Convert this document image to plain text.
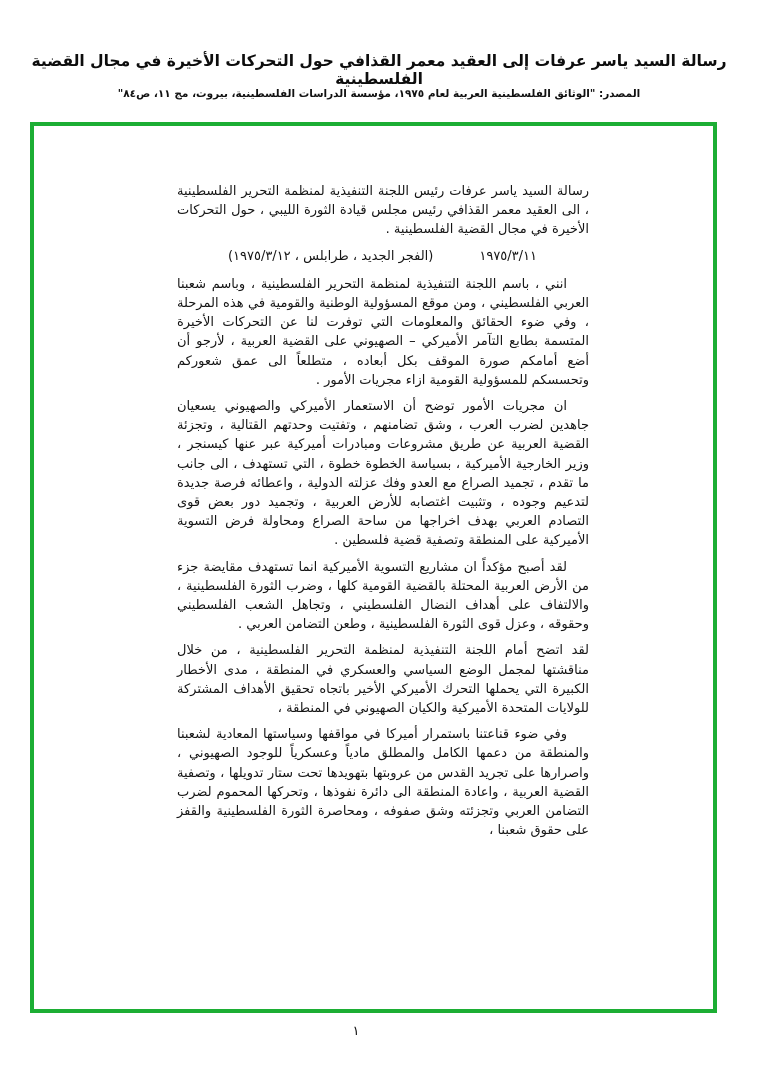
رسالة السيد ياسر عرفات إلى العقيد معمر القذافي حول التحركات الأخيرة في مجال القضية الفلسطينية
المصدر: "الوثائق الفلسطينية العربية لعام ١٩٧٥، مؤسسة الدراسات الفلسطينية، بيروت، مج ١١، ص٨٤"

رسالة السيد ياسر عرفات رئيس اللجنة التنفيذية لمنظمة التحرير الفلسطينية ، الى العقيد معمر القذافي رئيس مجلس قيادة الثورة الليبي ، حول التحركات الأخيرة في مجال القضية الفلسطينية .

١٩٧٥/٣/١١
(الفجر الجديد ، طرابلس ، ١٩٧٥/٣/١٢)

انني ، باسم اللجنة التنفيذية لمنظمة التحرير الفلسطينية ، وباسم شعبنا العربي الفلسطيني ، ومن موقع المسؤولية الوطنية والقومية في هذه المرحلة ، وفي ضوء الحقائق والمعلومات التي توفرت لنا عن التحركات الأخيرة المتسمة بطابع التآمر الأميركي – الصهيوني على القضية العربية ، لأرجو أن أضع أمامكم صورة الموقف بكل أبعاده ، متطلعاً الى عمق شعوركم وتحسسكم للمسؤولية القومية ازاء مجريات الأمور .

ان مجريات الأمور توضح أن الاستعمار الأميركي والصهيوني يسعيان جاهدين لضرب العرب ، وشق تضامنهم ، وتفتيت وحدتهم القتالية ، وتجزئة القضية العربية عن طريق مشروعات ومبادرات أميركية عبر عنها كيسنجر ، وزير الخارجية الأميركية ، بسياسة الخطوة خطوة ، التي تستهدف ، الى جانب ما تقدم ، تجميد الصراع مع العدو وفك عزلته الدولية ، واعطائه فرصة جديدة لتدعيم وجوده ، وتثبيت اغتصابه للأرض العربية ، وتجميد دور بعض قوى التصادم العربي بهدف اخراجها من ساحة الصراع ومحاولة فرض التسوية الأميركية على المنطقة وتصفية قضية فلسطين .

لقد أصبح مؤكداً ان مشاريع التسوية الأميركية انما تستهدف مقايضة جزء من الأرض العربية المحتلة بالقضية القومية كلها ، وضرب الثورة الفلسطينية ، والالتفاف على أهداف النضال الفلسطيني ، وتجاهل الشعب الفلسطيني وحقوقه ، وعزل قوى الثورة الفلسطينية ، وطعن التضامن العربي .

لقد اتضح أمام اللجنة التنفيذية لمنظمة التحرير الفلسطينية ، من خلال مناقشتها لمجمل الوضع السياسي والعسكري في المنطقة ، مدى الأخطار الكبيرة التي يحملها التحرك الأميركي الأخير باتجاه تحقيق الأهداف المشتركة للولايات المتحدة الأميركية والكيان الصهيوني في المنطقة ،

وفي ضوء قناعتنا باستمرار أميركا في مواقفها وسياستها المعادية لشعبنا والمنطقة من دعمها الكامل والمطلق مادياً وعسكرياً للوجود الصهيوني ، واصرارها على تجريد القدس من عروبتها بتهويدها تحت ستار تدويلها ، وتصفية القضية العربية ، واعادة المنطقة الى دائرة نفوذها ، وتحركها المحموم لضرب التضامن العربي وتجزئته وشق صفوفه ، ومحاصرة الثورة الفلسطينية والقفز على حقوق شعبنا ،

١
